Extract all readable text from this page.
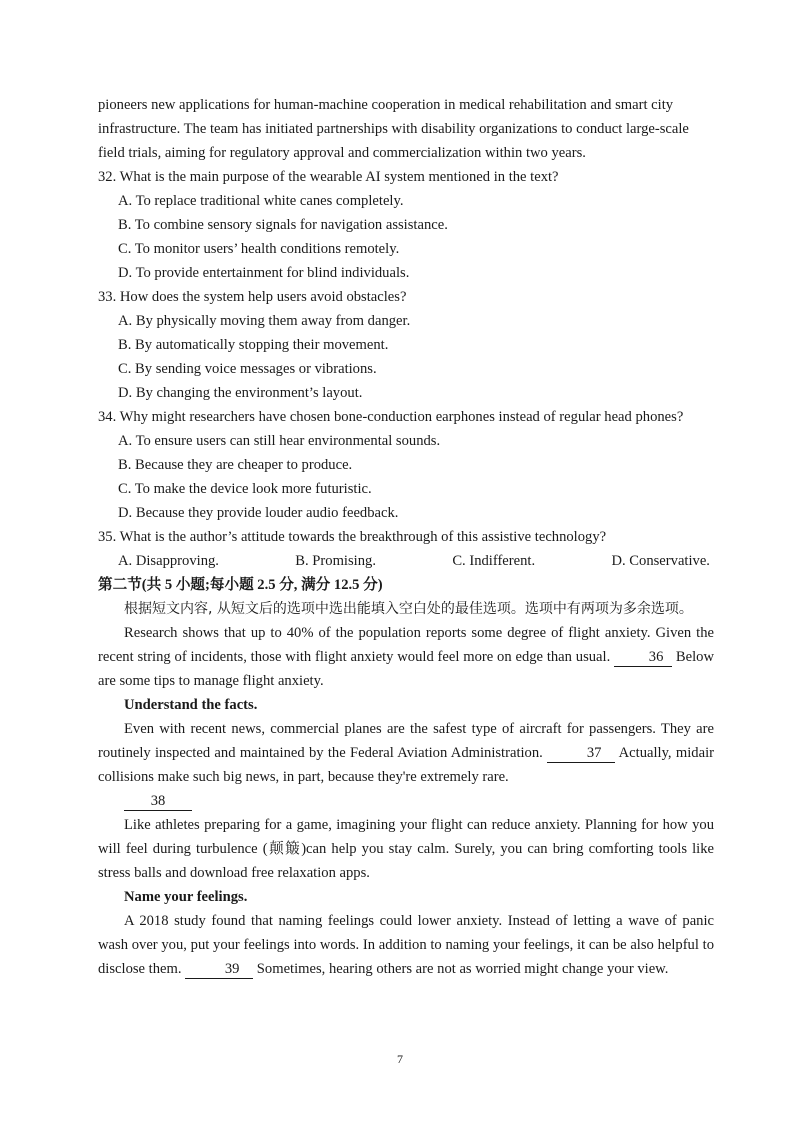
pioneers new applications for human-machine cooperation in medical rehabilitation and smart city
infrastructure. The team has initiated partnerships with disability organizations to conduct large-scale
field trials, aiming for regulatory approval and commercialization within two years.
32. What is the main purpose of the wearable AI system mentioned in the text?
A. To replace traditional white canes completely.
B. To combine sensory signals for navigation assistance.
C. To monitor users’ health conditions remotely.
D. To provide entertainment for blind individuals.
33. How does the system help users avoid obstacles?
A. By physically moving them away from danger.
B. By automatically stopping their movement.
C. By sending voice messages or vibrations.
D. By changing the environment’s layout.
34. Why might researchers have chosen bone-conduction earphones instead of regular head phones?
A. To ensure users can still hear environmental sounds.
B. Because they are cheaper to produce.
C. To make the device look more futuristic.
D. Because they provide louder audio feedback.
35. What is the author’s attitude towards the breakthrough of this assistive technology?
A. Disapproving.	B. Promising.	C. Indifferent.	D. Conservative.
第二节(共 5 小题;每小题 2.5 分, 满分 12.5 分)
根据短文内容, 从短文后的选项中选出能填入空白处的最佳选项。选项中有两项为多余选项。
Research shows that up to 40% of the population reports some degree of flight anxiety. Given the recent string of incidents, those with flight anxiety would feel more on edge than usual. 36 Below are some tips to manage flight anxiety.
Understand the facts.
Even with recent news, commercial planes are the safest type of aircraft for passengers. They are routinely inspected and maintained by the Federal Aviation Administration.	37 Actually, midair collisions make such big news, in part, because they're extremely rare.
38
Like athletes preparing for a game, imagining your flight can reduce anxiety. Planning for how you will feel during turbulence (颠簸)can help you stay calm. Surely, you can bring comforting tools like stress balls and download free relaxation apps.
Name your feelings.
A 2018 study found that naming feelings could lower anxiety. Instead of letting a wave of panic wash over you, put your feelings into words. In addition to naming your feelings, it can be also helpful to disclose them.	39 Sometimes, hearing others are not as worried might change your view.
7
